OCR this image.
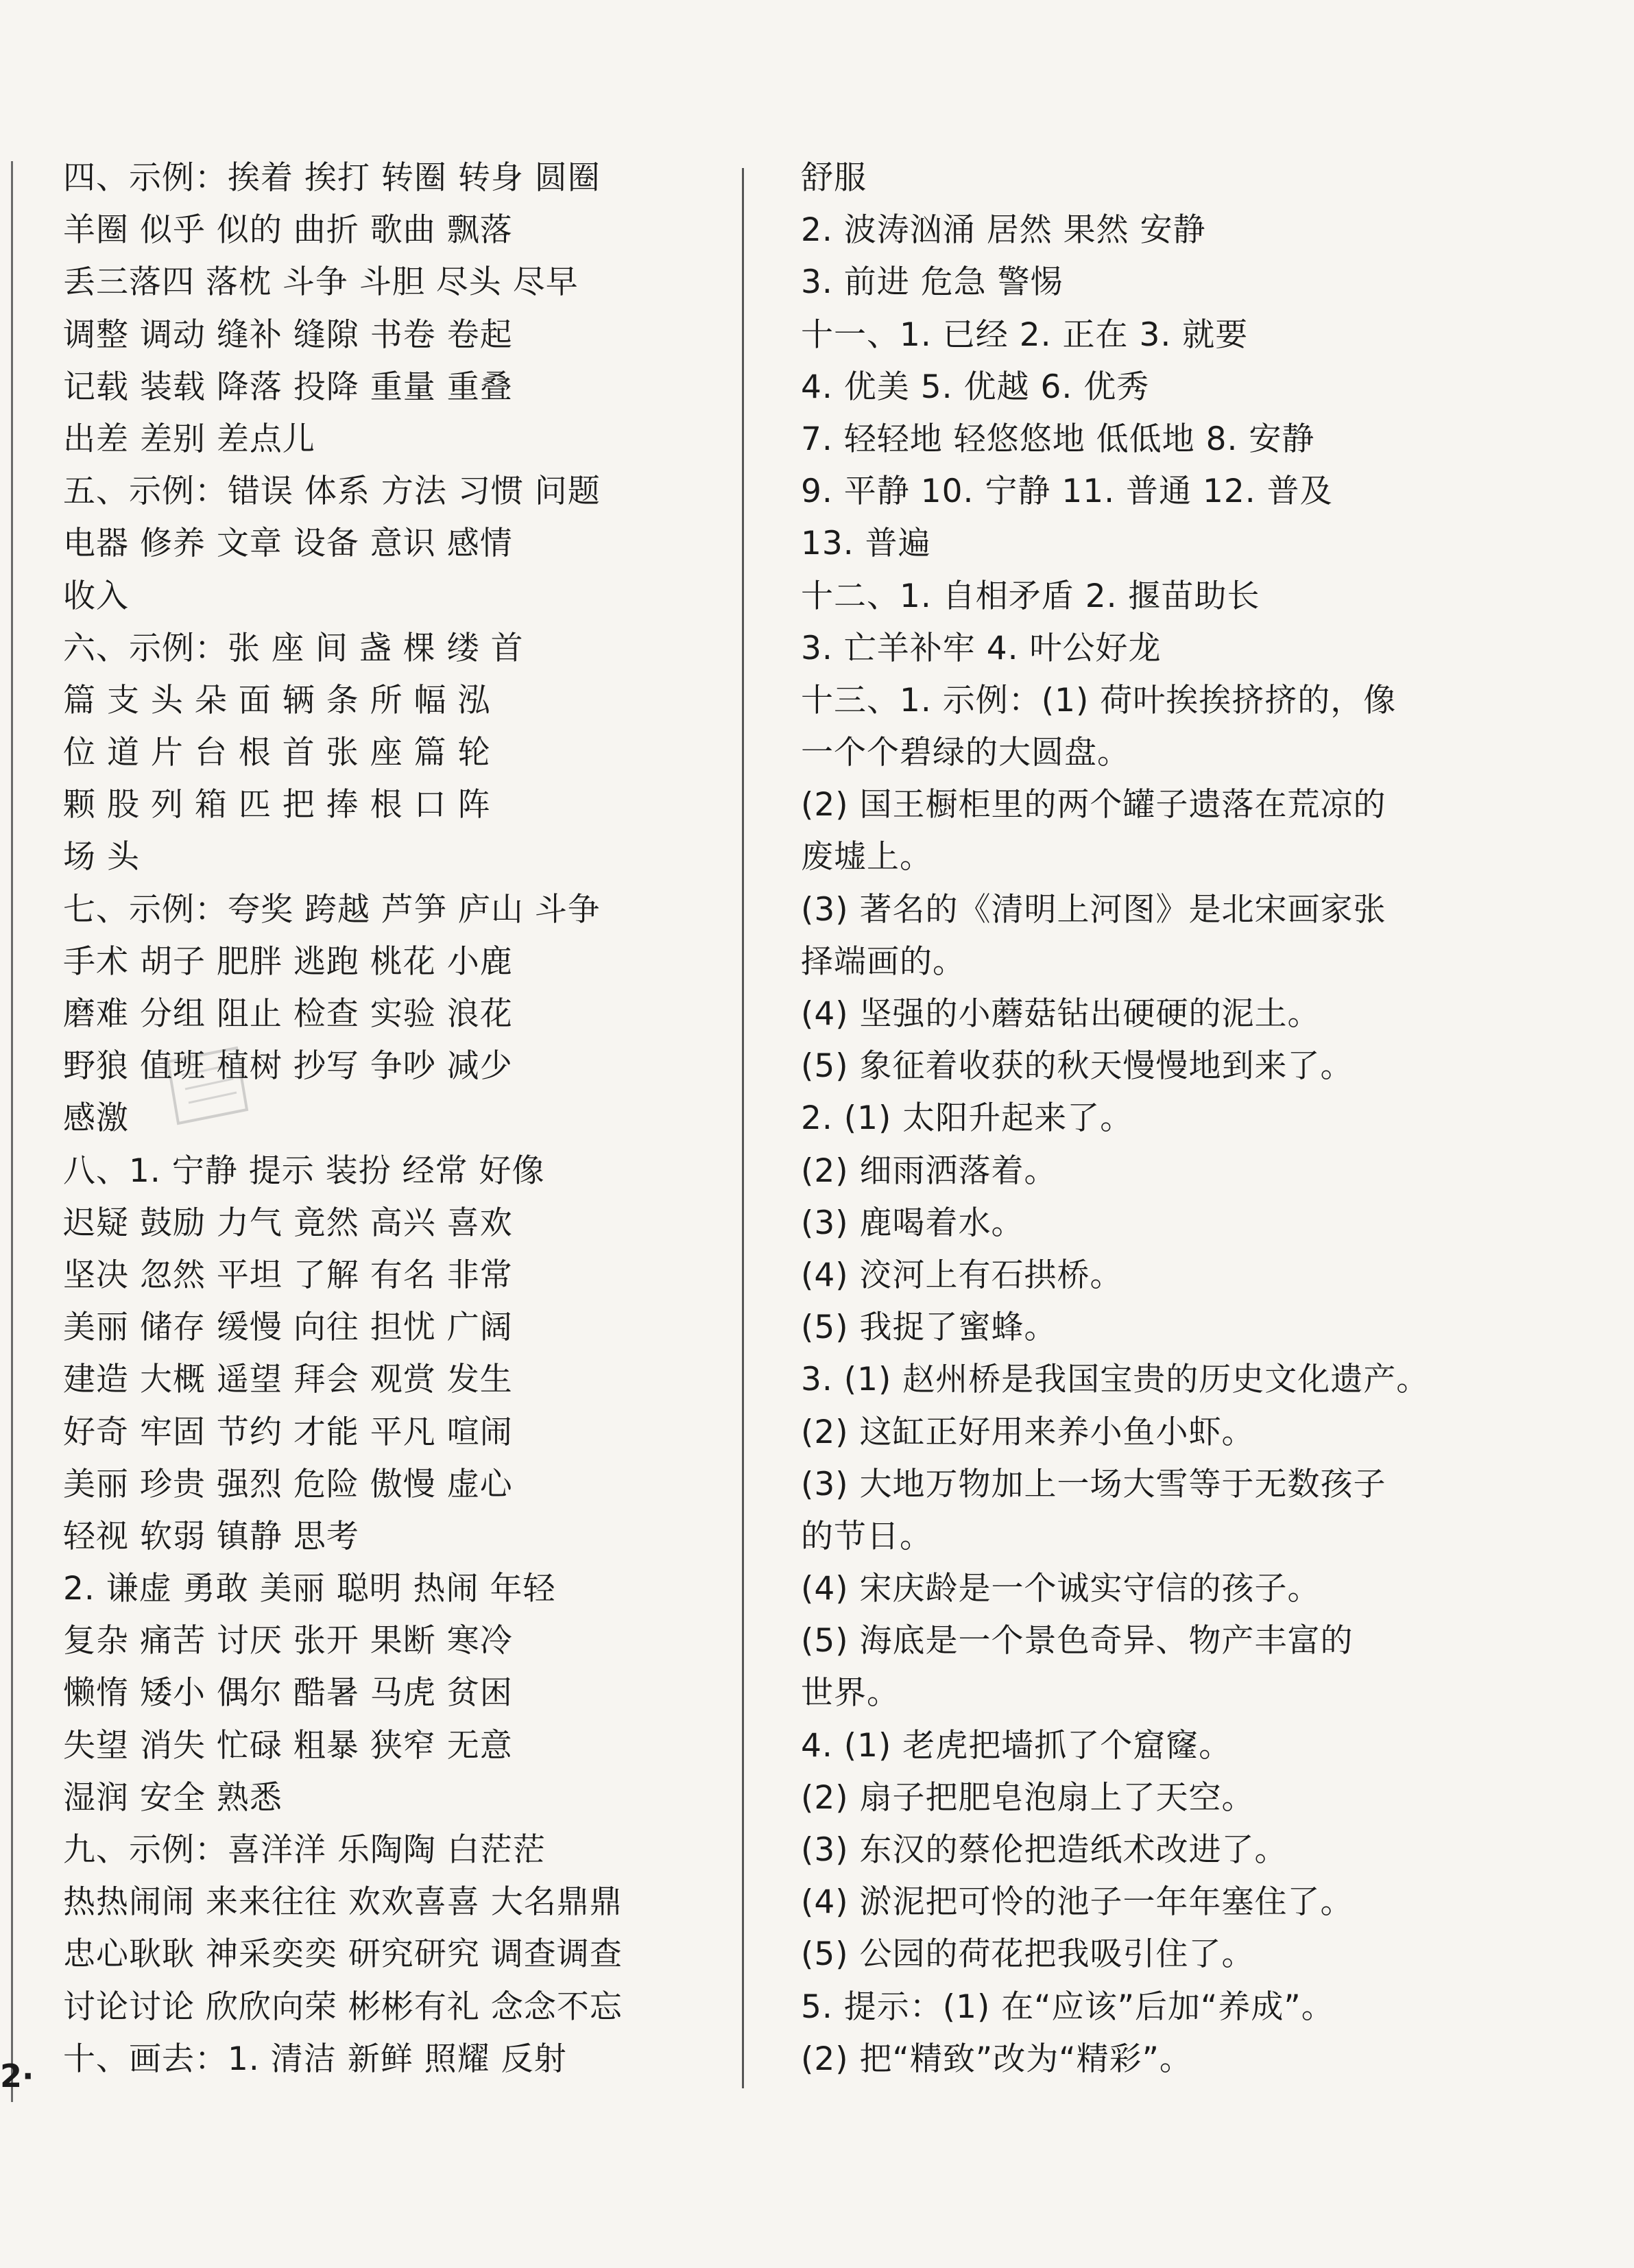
四、示例：挨着 挨打 转圈 转身 圆圈
羊圈 似乎 似的 曲折 歌曲 飘落
丢三落四 落枕 斗争 斗胆 尽头 尽早
调整 调动 缝补 缝隙 书卷 卷起
记载 装载 降落 投降 重量 重叠
出差 差别 差点儿
五、示例：错误 体系 方法 习惯 问题
电器 修养 文章 设备 意识 感情
收入
六、示例：张 座 间 盏 棵 缕 首
篇 支 头 朵 面 辆 条 所 幅 泓
位 道 片 台 根 首 张 座 篇 轮
颗 股 列 箱 匹 把 捧 根 口 阵
场 头
七、示例：夸奖 跨越 芦笋 庐山 斗争
手术 胡子 肥胖 逃跑 桃花 小鹿
磨难 分组 阻止 检查 实验 浪花
野狼 值班 植树 抄写 争吵 减少
感激
八、1. 宁静 提示 装扮 经常 好像
迟疑 鼓励 力气 竟然 高兴 喜欢
坚决 忽然 平坦 了解 有名 非常
美丽 储存 缓慢 向往 担忧 广阔
建造 大概 遥望 拜会 观赏 发生
好奇 牢固 节约 才能 平凡 喧闹
美丽 珍贵 强烈 危险 傲慢 虚心
轻视 软弱 镇静 思考
2. 谦虚 勇敢 美丽 聪明 热闹 年轻
复杂 痛苦 讨厌 张开 果断 寒冷
懒惰 矮小 偶尔 酷暑 马虎 贫困
失望 消失 忙碌 粗暴 狭窄 无意
湿润 安全 熟悉
九、示例：喜洋洋 乐陶陶 白茫茫
热热闹闹 来来往往 欢欢喜喜 大名鼎鼎
忠心耿耿 神采奕奕 研究研究 调查调查
讨论讨论 欣欣向荣 彬彬有礼 念念不忘
十、画去：1. 清洁 新鲜 照耀 反射
舒服
2. 波涛汹涌 居然 果然 安静
3. 前进 危急 警惕
十一、1. 已经 2. 正在 3. 就要
4. 优美 5. 优越 6. 优秀
7. 轻轻地 轻悠悠地 低低地 8. 安静
9. 平静 10. 宁静 11. 普通 12. 普及
13. 普遍
十二、1. 自相矛盾 2. 揠苗助长
3. 亡羊补牢 4. 叶公好龙
十三、1. 示例：(1) 荷叶挨挨挤挤的，像
一个个碧绿的大圆盘。
(2) 国王橱柜里的两个罐子遗落在荒凉的
废墟上。
(3) 著名的《清明上河图》是北宋画家张
择端画的。
(4) 坚强的小蘑菇钻出硬硬的泥土。
(5) 象征着收获的秋天慢慢地到来了。
2. (1) 太阳升起来了。
(2) 细雨洒落着。
(3) 鹿喝着水。
(4) 洨河上有石拱桥。
(5) 我捉了蜜蜂。
3. (1) 赵州桥是我国宝贵的历史文化遗产。
(2) 这缸正好用来养小鱼小虾。
(3) 大地万物加上一场大雪等于无数孩子
的节日。
(4) 宋庆龄是一个诚实守信的孩子。
(5) 海底是一个景色奇异、物产丰富的
世界。
4. (1) 老虎把墙抓了个窟窿。
(2) 扇子把肥皂泡扇上了天空。
(3) 东汉的蔡伦把造纸术改进了。
(4) 淤泥把可怜的池子一年年塞住了。
(5) 公园的荷花把我吸引住了。
5. 提示：(1) 在“应该”后加“养成”。
(2) 把“精致”改为“精彩”。
2·
